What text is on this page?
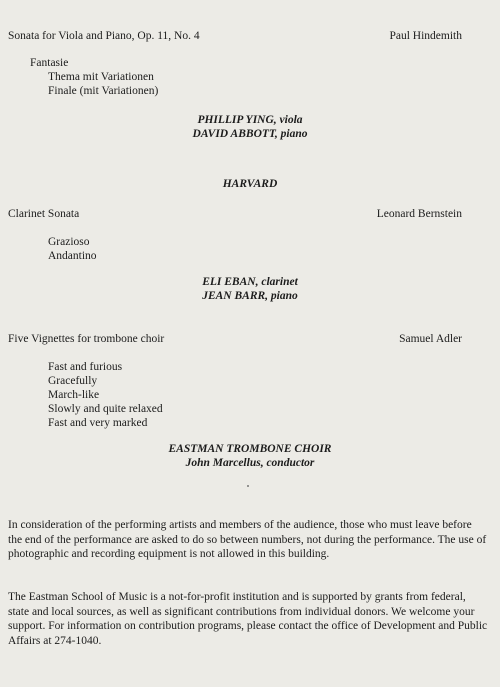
Sonata for Viola and Piano, Op. 11, No. 4	Paul Hindemith
Fantasie
Thema mit Variationen
Finale (mit Variationen)
PHILLIP YING, viola
DAVID ABBOTT, piano
HARVARD
Clarinet Sonata	Leonard Bernstein
Grazioso
Andantino
ELI EBAN, clarinet
JEAN BARR, piano
Five Vignettes for trombone choir	Samuel Adler
Fast and furious
Gracefully
March-like
Slowly and quite relaxed
Fast and very marked
EASTMAN TROMBONE CHOIR
John Marcellus, conductor
In consideration of the performing artists and members of the audience, those who must leave before the end of the performance are asked to do so between numbers, not during the performance. The use of photographic and recording equipment is not allowed in this building.
The Eastman School of Music is a not-for-profit institution and is supported by grants from federal, state and local sources, as well as significant contributions from individual donors. We welcome your support. For information on contribution programs, please contact the office of Development and Public Affairs at 274-1040.
